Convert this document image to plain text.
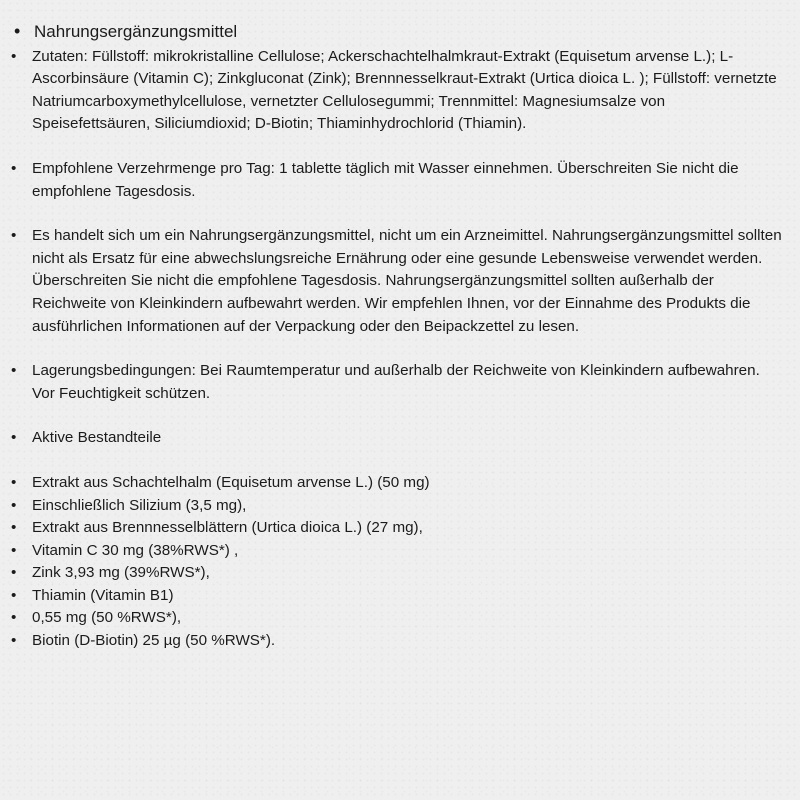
• Nahrungsergänzungsmittel
•	Zutaten: Füllstoff: mikrokristalline Cellulose; Ackerschachtelhalmkraut-Extrakt (Equisetum arvense L.); L-Ascorbinsäure (Vitamin C); Zinkgluconat (Zink); Brennnesselkraut-Extrakt (Urtica dioica L. ); Füllstoff: vernetzte Natriumcarboxymethylcellulose, vernetzter Cellulosegummi; Trennmittel: Magnesiumsalze von Speisefettsäuren, Siliciumdioxid; D-Biotin; Thiaminhydrochlorid (Thiamin).
•	Empfohlene Verzehrmenge pro Tag: 1 tablette täglich mit Wasser einnehmen. Überschreiten Sie nicht die empfohlene Tagesdosis.
•	Es handelt sich um ein Nahrungsergänzungsmittel, nicht um ein Arzneimittel. Nahrungsergänzungsmittel sollten nicht als Ersatz für eine abwechslungsreiche Ernährung oder eine gesunde Lebensweise verwendet werden. Überschreiten Sie nicht die empfohlene Tagesdosis. Nahrungsergänzungsmittel sollten außerhalb der Reichweite von Kleinkindern aufbewahrt werden. Wir empfehlen Ihnen, vor der Einnahme des Produkts die ausführlichen Informationen auf der Verpackung oder den Beipackzettel zu lesen.
•	Lagerungsbedingungen: Bei Raumtemperatur und außerhalb der Reichweite von Kleinkindern aufbewahren. Vor Feuchtigkeit schützen.
•	Aktive Bestandteile
•	Extrakt aus Schachtelhalm (Equisetum arvense L.) (50 mg)
•	Einschließlich Silizium (3,5 mg),
•	Extrakt aus Brennnesselblättern (Urtica dioica L.) (27 mg),
•	Vitamin C 30 mg (38%RWS*) ,
•	Zink 3,93 mg (39%RWS*),
•	Thiamin (Vitamin B1)
•	0,55 mg (50 %RWS*),
•	Biotin (D-Biotin) 25 µg (50 %RWS*).
